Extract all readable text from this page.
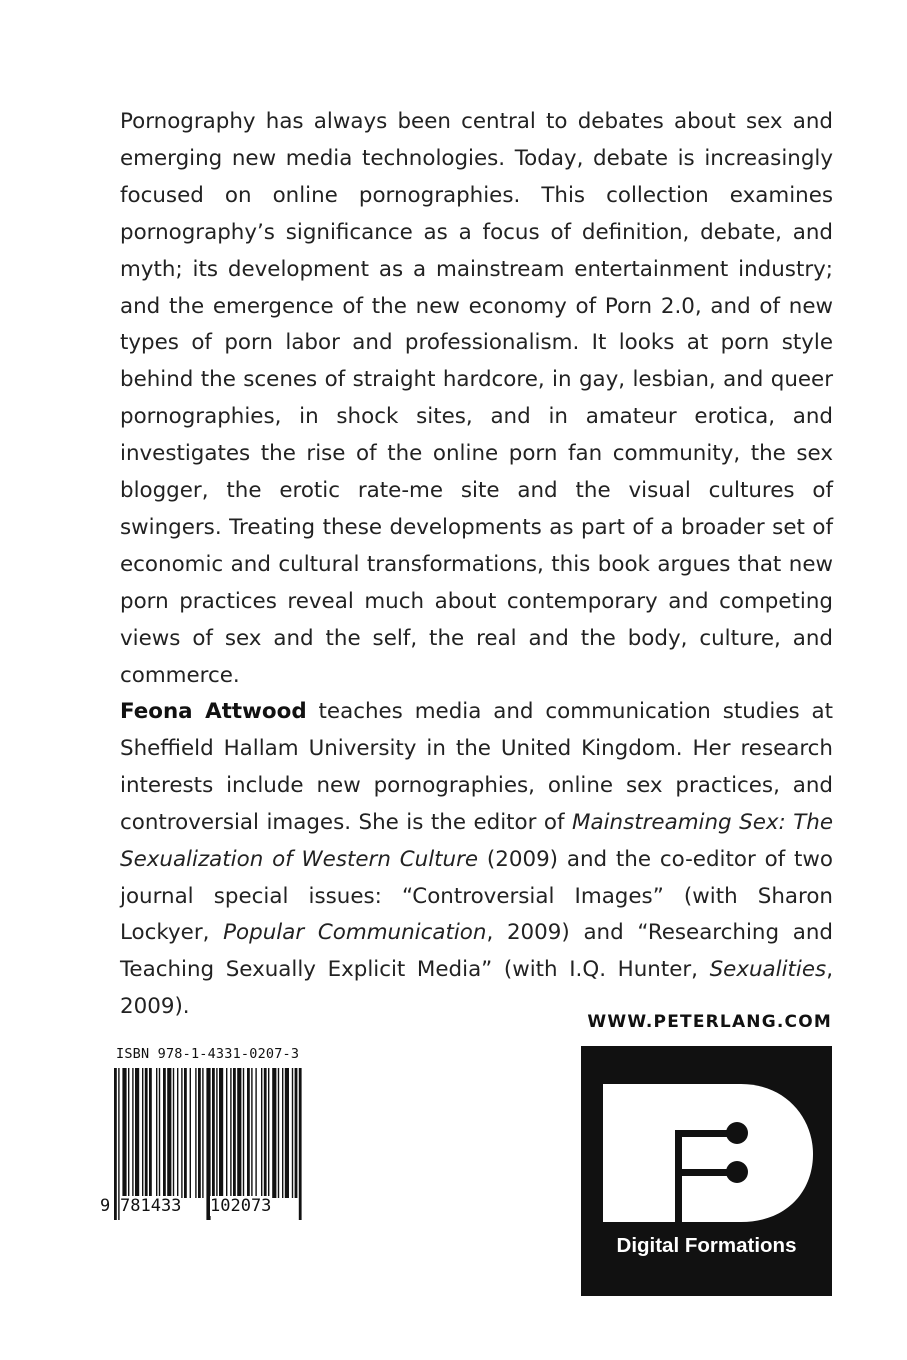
Pornography has always been central to debates about sex and emerging new media technologies. Today, debate is increasingly focused on online pornographies. This collection examines pornography’s significance as a focus of definition, debate, and myth; its development as a mainstream entertainment industry; and the emergence of the new economy of Porn 2.0, and of new types of porn labor and professionalism. It looks at porn style behind the scenes of straight hardcore, in gay, lesbian, and queer pornographies, in shock sites, and in amateur erotica, and investigates the rise of the online porn fan community, the sex blogger, the erotic rate-me site and the visual cultures of swingers. Treating these developments as part of a broader set of economic and cultural transformations, this book argues that new porn practices reveal much about contemporary and competing views of sex and the self, the real and the body, culture, and commerce.

Feona Attwood teaches media and communication studies at Sheffield Hallam University in the United Kingdom. Her research interests include new pornographies, online sex practices, and controversial images. She is the editor of Mainstreaming Sex: The Sexualization of Western Culture (2009) and the co-editor of two journal special issues: “Controversial Images” (with Sharon Lockyer, Popular Communication, 2009) and “Researching and Teaching Sexually Explicit Media” (with I.Q. Hunter, Sexualities, 2009).

WWW.PETERLANG.COM
Digital Formations
ISBN 978-1-4331-0207-3
9 781433 102073
